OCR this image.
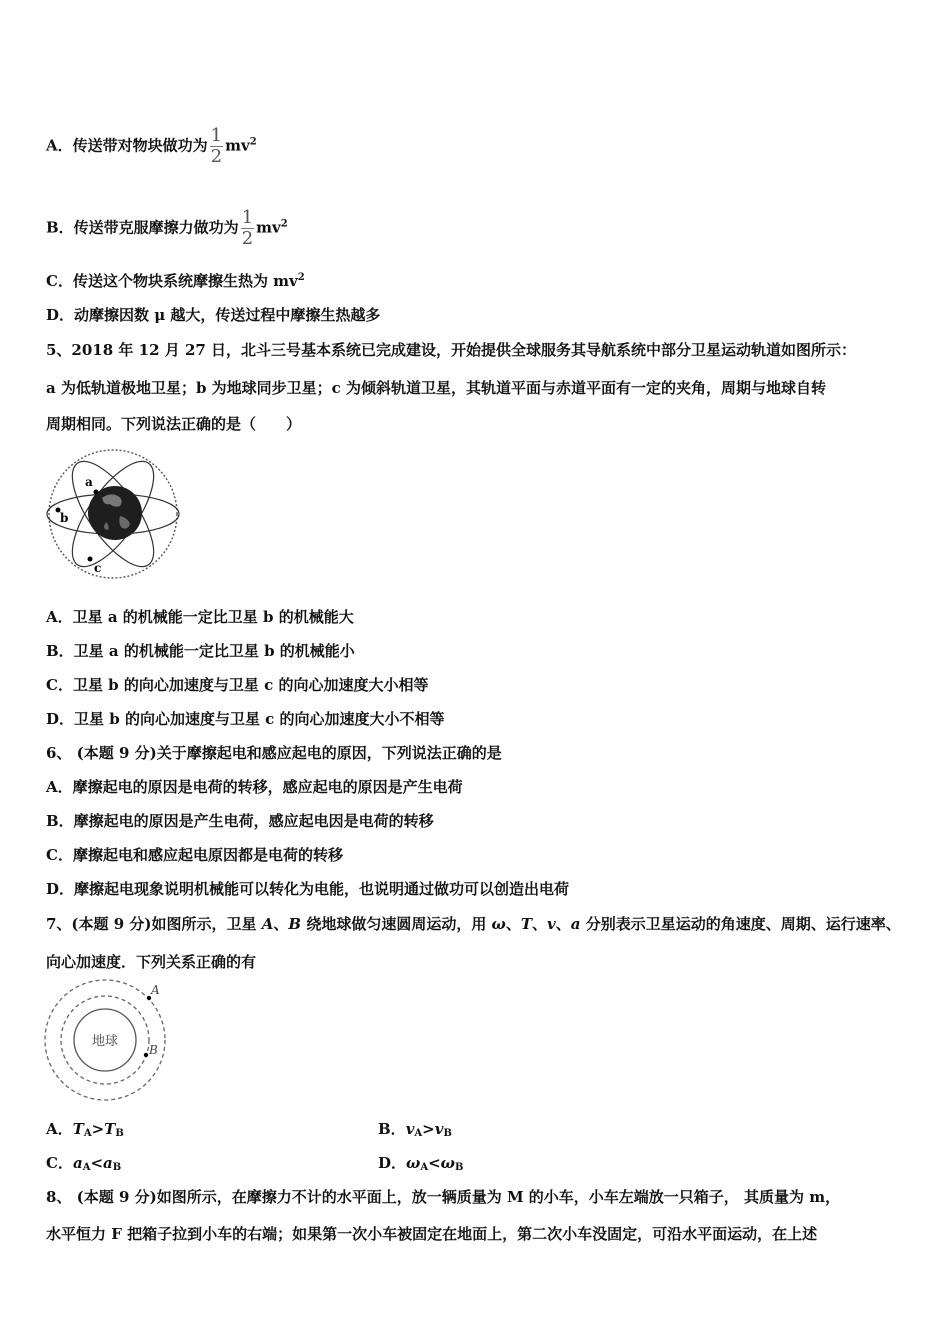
A．传送带对物块做功为 $\frac{1}{2} mv^2$
B．传送带克服摩擦力做功为 $\frac{1}{2} mv^2$
C．传送这个物块系统摩擦生热为 $mv^2$
D．动摩擦因数 μ 越大，传送过程中摩擦生热越多
5、2018 年 12 月 27 日，北斗三号基本系统已完成建设，开始提供全球服务其导航系统中部分卫星运动轨道如图所示：
a 为低轨道极地卫星；b 为地球同步卫星；c 为倾斜轨道卫星，其轨道平面与赤道平面有一定的夹角，周期与地球自转
周期相同。下列说法正确的是（　　）
a
b
c
A．卫星 a 的机械能一定比卫星 b 的机械能大
B．卫星 a 的机械能一定比卫星 b 的机械能小
C．卫星 b 的向心加速度与卫星 c 的向心加速度大小相等
D．卫星 b 的向心加速度与卫星 c 的向心加速度大小不相等
6、 (本题 9 分)关于摩擦起电和感应起电的原因，下列说法正确的是
A．摩擦起电的原因是电荷的转移，感应起电的原因是产生电荷
B．摩擦起电的原因是产生电荷，感应起电因是电荷的转移
C．摩擦起电和感应起电原因都是电荷的转移
D．摩擦起电现象说明机械能可以转化为电能，也说明通过做功可以创造出电荷
7、(本题 9 分)如图所示，卫星 A、B 绕地球做匀速圆周运动，用 ω、T、v、a 分别表示卫星运动的角速度、周期、运行速率、
向心加速度．下列关系正确的有
地球
A
B
A．$T_A>T_B$	B．$v_A>v_B$
C．$a_A<a_B$	D．$\omega_A<\omega_B$
8、 (本题 9 分)如图所示，在摩擦力不计的水平面上，放一辆质量为 M 的小车，小车左端放一只箱子， 其质量为 m，
水平恒力 F 把箱子拉到小车的右端；如果第一次小车被固定在地面上，第二次小车没固定，可沿水平面运动，在上述
